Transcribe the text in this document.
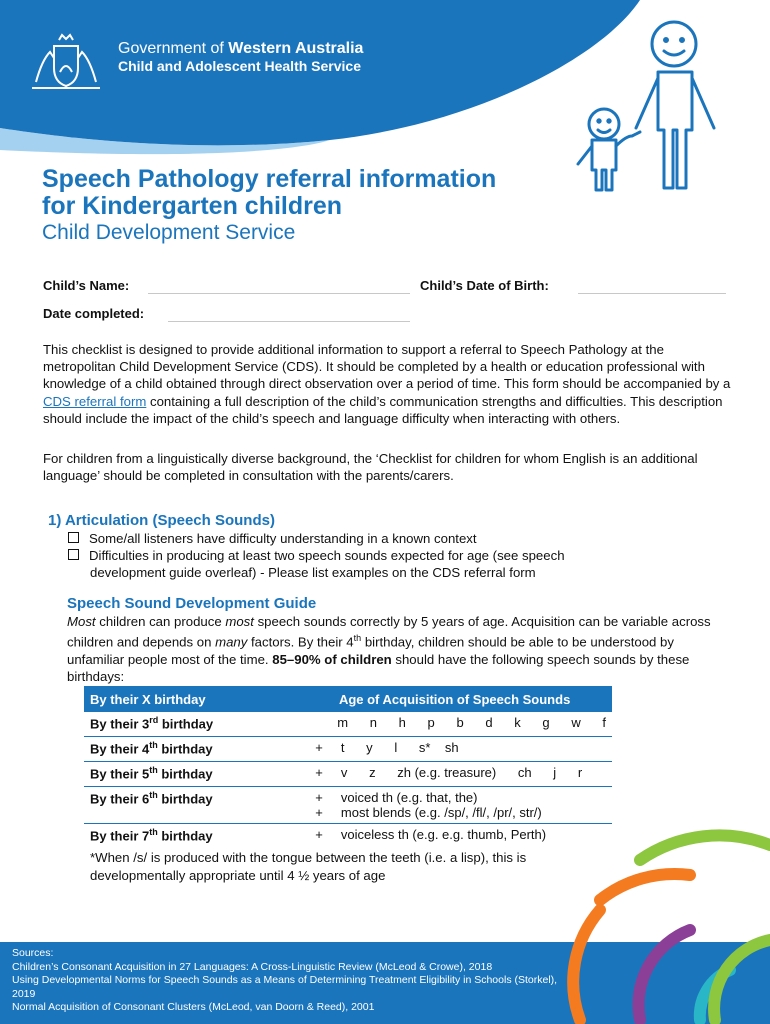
Government of Western Australia
Child and Adolescent Health Service
Speech Pathology referral information
for Kindergarten children
Child Development Service
Child’s Name:	Child’s Date of Birth:
Date completed:
This checklist is designed to provide additional information to support a referral to Speech Pathology at the metropolitan Child Development Service (CDS). It should be completed by a health or education professional with knowledge of a child obtained through direct observation over a period of time. This form should be accompanied by a CDS referral form containing a full description of the child’s communication strengths and difficulties. This description should include the impact of the child’s speech and language difficulty when interacting with others.
For children from a linguistically diverse background, the ‘Checklist for children for whom English is an additional language’ should be completed in consultation with the parents/carers.
1) Articulation (Speech Sounds)
Some/all listeners have difficulty understanding in a known context
Difficulties in producing at least two speech sounds expected for age (see speech
development guide overleaf) - Please list examples on the CDS referral form
Speech Sound Development Guide
Most children can produce most speech sounds correctly by 5 years of age. Acquisition can be variable across children and depends on many factors. By their 4th birthday, children should be able to be understood by unfamiliar people most of the time. 85–90% of children should have the following speech sounds by these birthdays:
By their X birthday	Age of Acquisition of Speech Sounds
By their 3rd birthday	m      n      h      p      b      d      k      g      w      f
By their 4th birthday	+     t      y      l      s*    sh
By their 5th birthday	+     v      z      zh (e.g. treasure)      ch      j      r
By their 6th birthday	+     voiced th (e.g. that, the)
+     most blends (e.g. /sp/, /fl/, /pr/, str/)

By their 7th birthday	+     voiceless th (e.g. e.g. thumb, Perth)
*When /s/ is produced with the tongue between the teeth (i.e. a lisp), this is developmentally appropriate until 4 ½ years of age
Sources:
Children’s Consonant Acquisition in 27 Languages: A Cross-Linguistic Review (McLeod & Crowe), 2018
Using Developmental Norms for Speech Sounds as a Means of Determining Treatment Eligibility in Schools (Storkel), 2019
Normal Acquisition of Consonant Clusters (McLeod, van Doorn & Reed), 2001
